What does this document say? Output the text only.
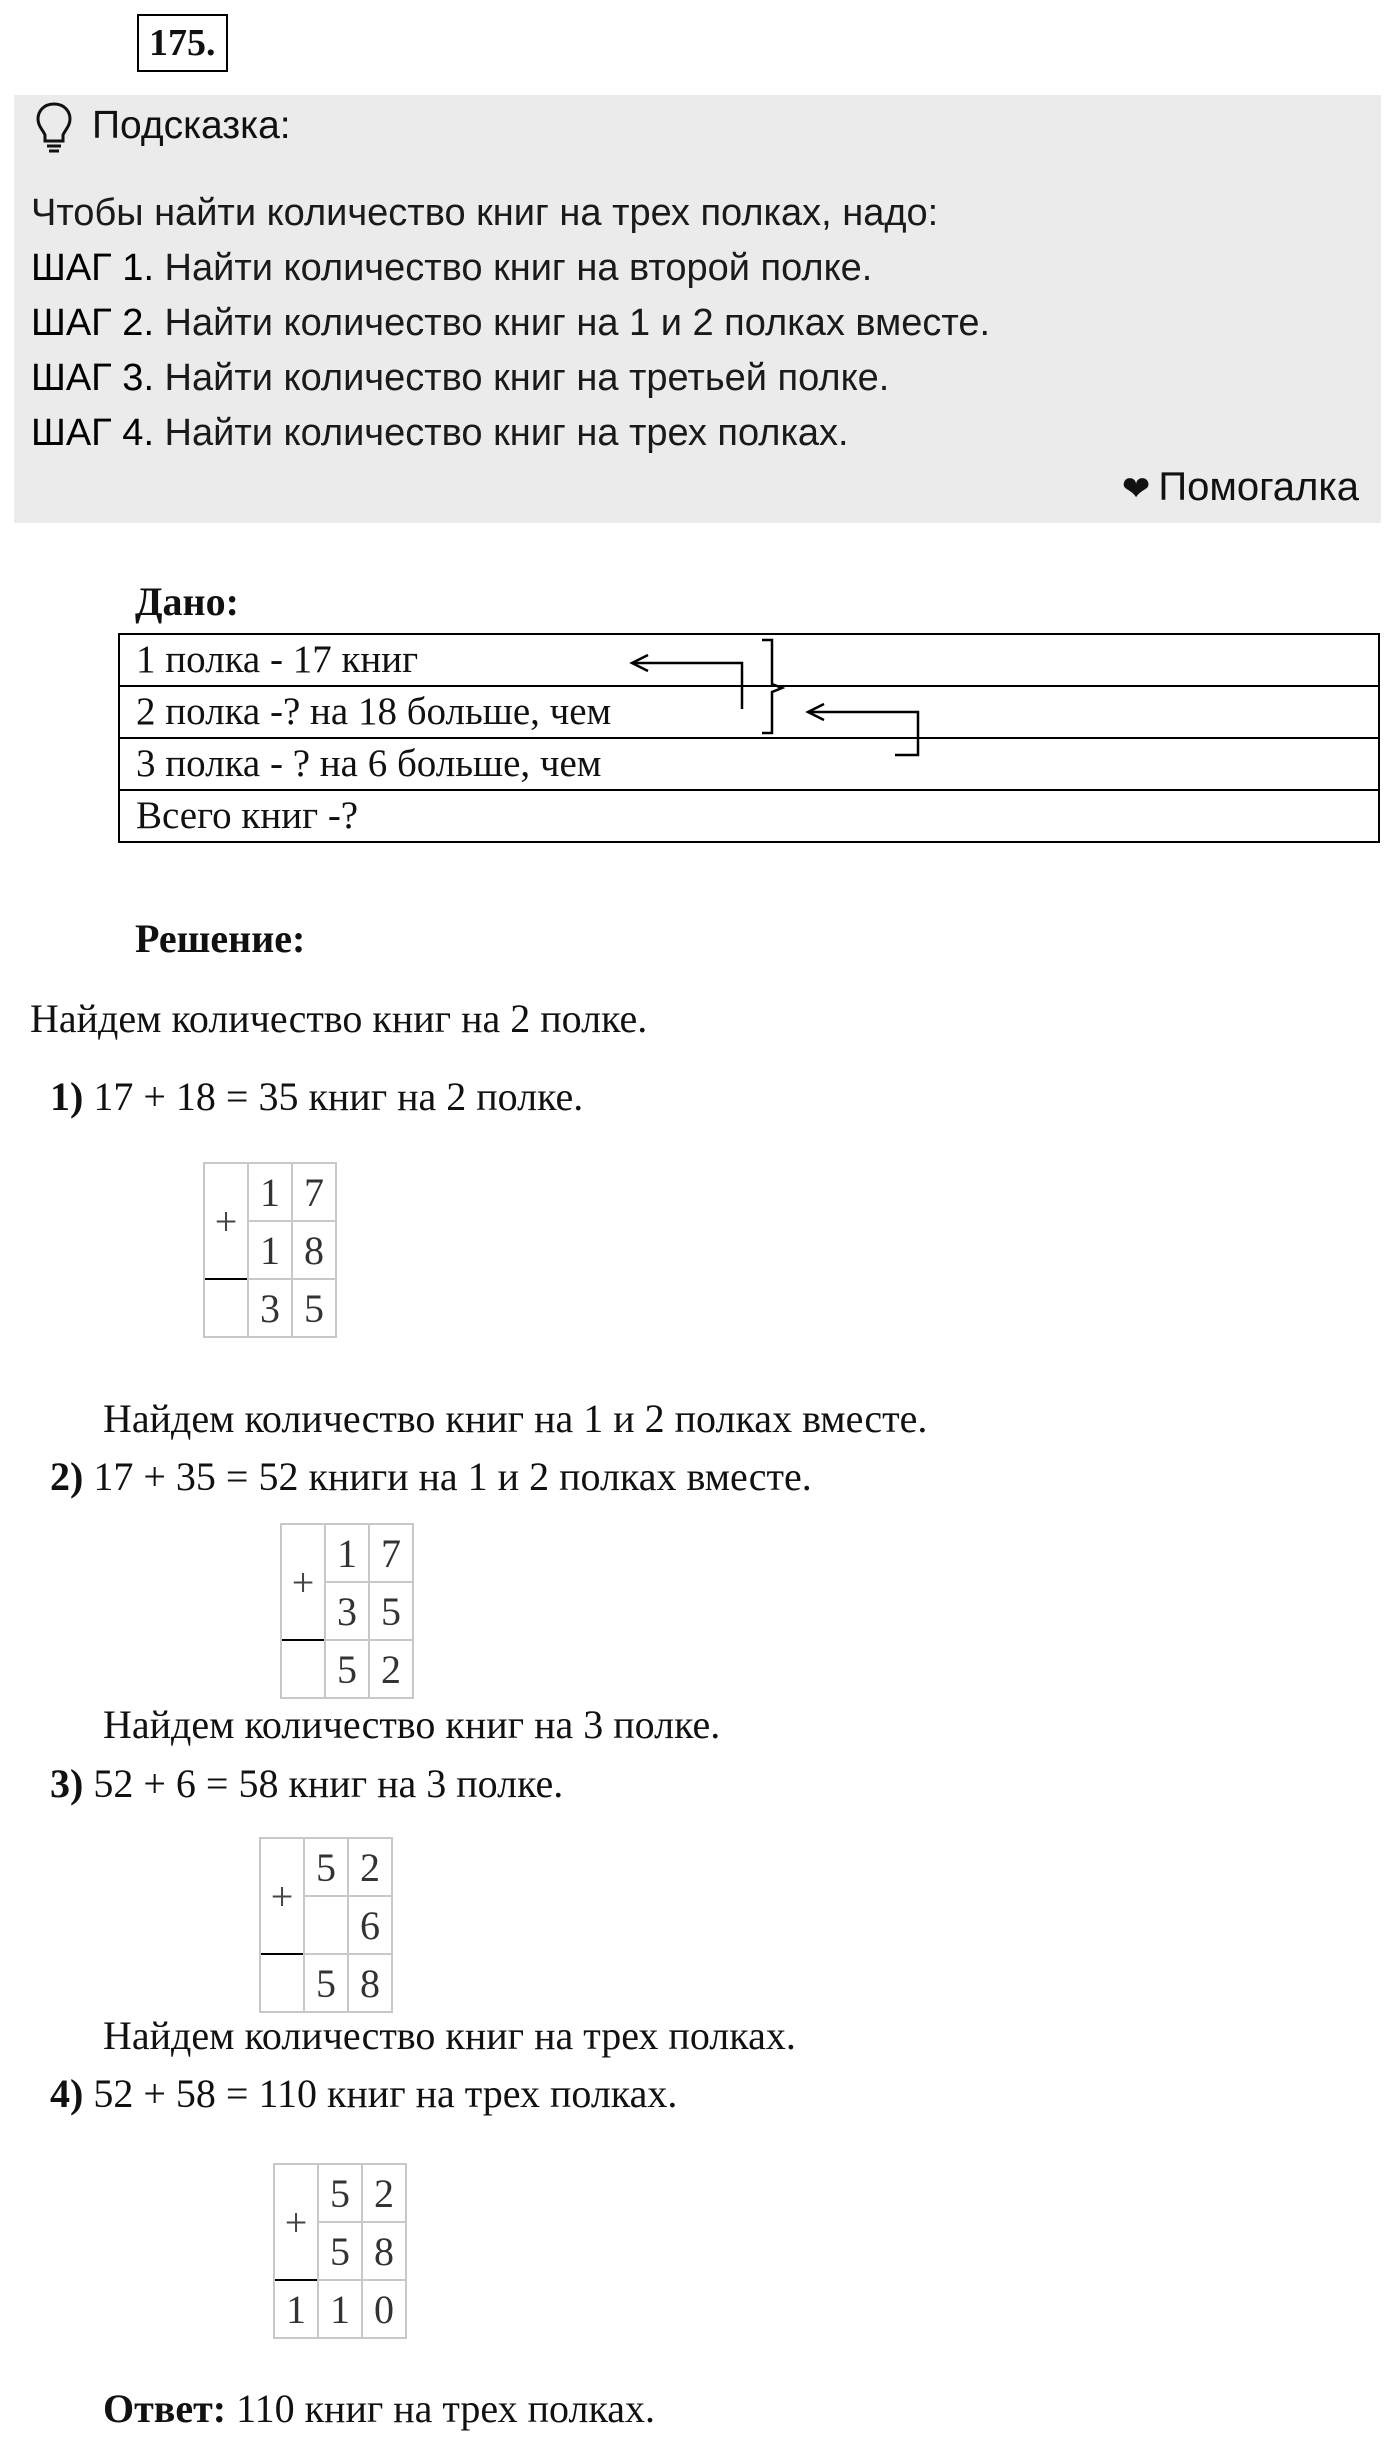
175.
Подсказка:
Чтобы найти количество книг на трех полках, надо:
ШАГ 1. Найти количество книг на второй полке.
ШАГ 2. Найти количество книг на 1 и 2 полках вместе.
ШАГ 3. Найти количество книг на третьей полке.
ШАГ 4. Найти количество книг на трех полках.
❤ Помогалка
Дано:
1 полка - 17 книг
2 полка -? на 18 больше, чем
3 полка - ? на 6 больше, чем
Всего книг -?
Решение:
Найдем количество книг на 2 полке.
1) 17 + 18 = 35 книг на 2 полке.
+	1	7
	1	8
	3	5
Найдем количество книг на 1 и 2 полках вместе.
2) 17 + 35 = 52 книги на 1 и 2 полках вместе.
+	1	7
	3	5
	5	2
Найдем количество книг на 3 полке.
3) 52 + 6 = 58 книг на 3 полке.
+	5	2
		6
	5	8
Найдем количество книг на трех полках.
4) 52 + 58 = 110 книг на трех полках.
+	5	2
	5	8
1	1	0
Ответ: 110 книг на трех полках.
